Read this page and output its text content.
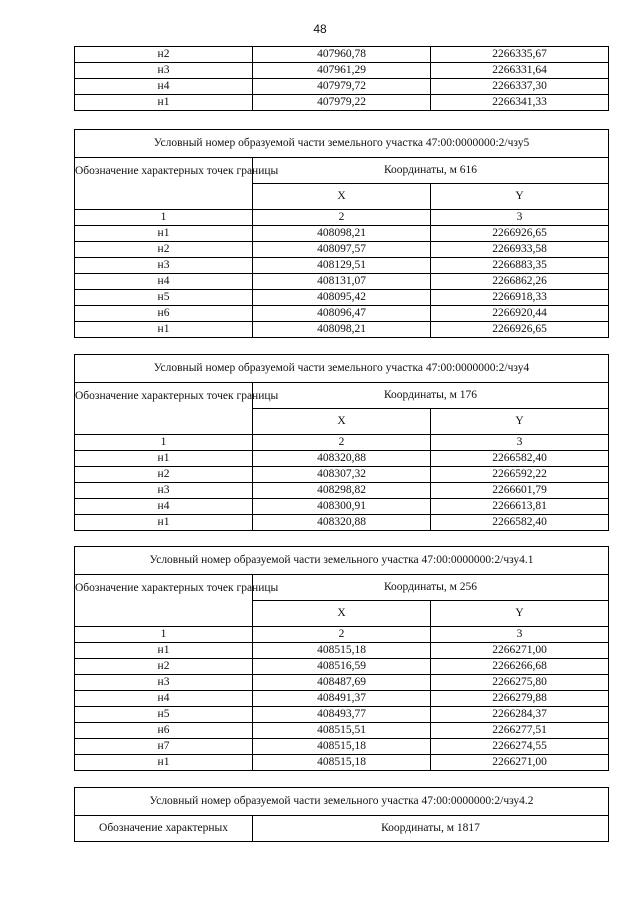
48
н2	407960,78	2266335,67
н3	407961,29	2266331,64
н4	407979,72	2266337,30
н1	407979,22	2266341,33
Условный номер образуемой части земельного участка 47:00:0000000:2/чзу5		
Обозначение характерных точек границы	Координаты, м 616	
	X	Y
1	2	3
н1	408098,21	2266926,65
н2	408097,57	2266933,58
н3	408129,51	2266883,35
н4	408131,07	2266862,26
н5	408095,42	2266918,33
н6	408096,47	2266920,44
н1	408098,21	2266926,65
Условный номер образуемой части земельного участка 47:00:0000000:2/чзу4		
Обозначение характерных точек границы	Координаты, м 176	
	X	Y
1	2	3
н1	408320,88	2266582,40
н2	408307,32	2266592,22
н3	408298,82	2266601,79
н4	408300,91	2266613,81
н1	408320,88	2266582,40
Условный номер образуемой части земельного участка 47:00:0000000:2/чзу4.1		
Обозначение характерных точек границы	Координаты, м 256	
	X	Y
1	2	3
н1	408515,18	2266271,00
н2	408516,59	2266266,68
н3	408487,69	2266275,80
н4	408491,37	2266279,88
н5	408493,77	2266284,37
н6	408515,51	2266277,51
н7	408515,18	2266274,55
н1	408515,18	2266271,00
Условный номер образуемой части земельного участка 47:00:0000000:2/чзу4.2
Обозначение характерных	Координаты, м 1817
